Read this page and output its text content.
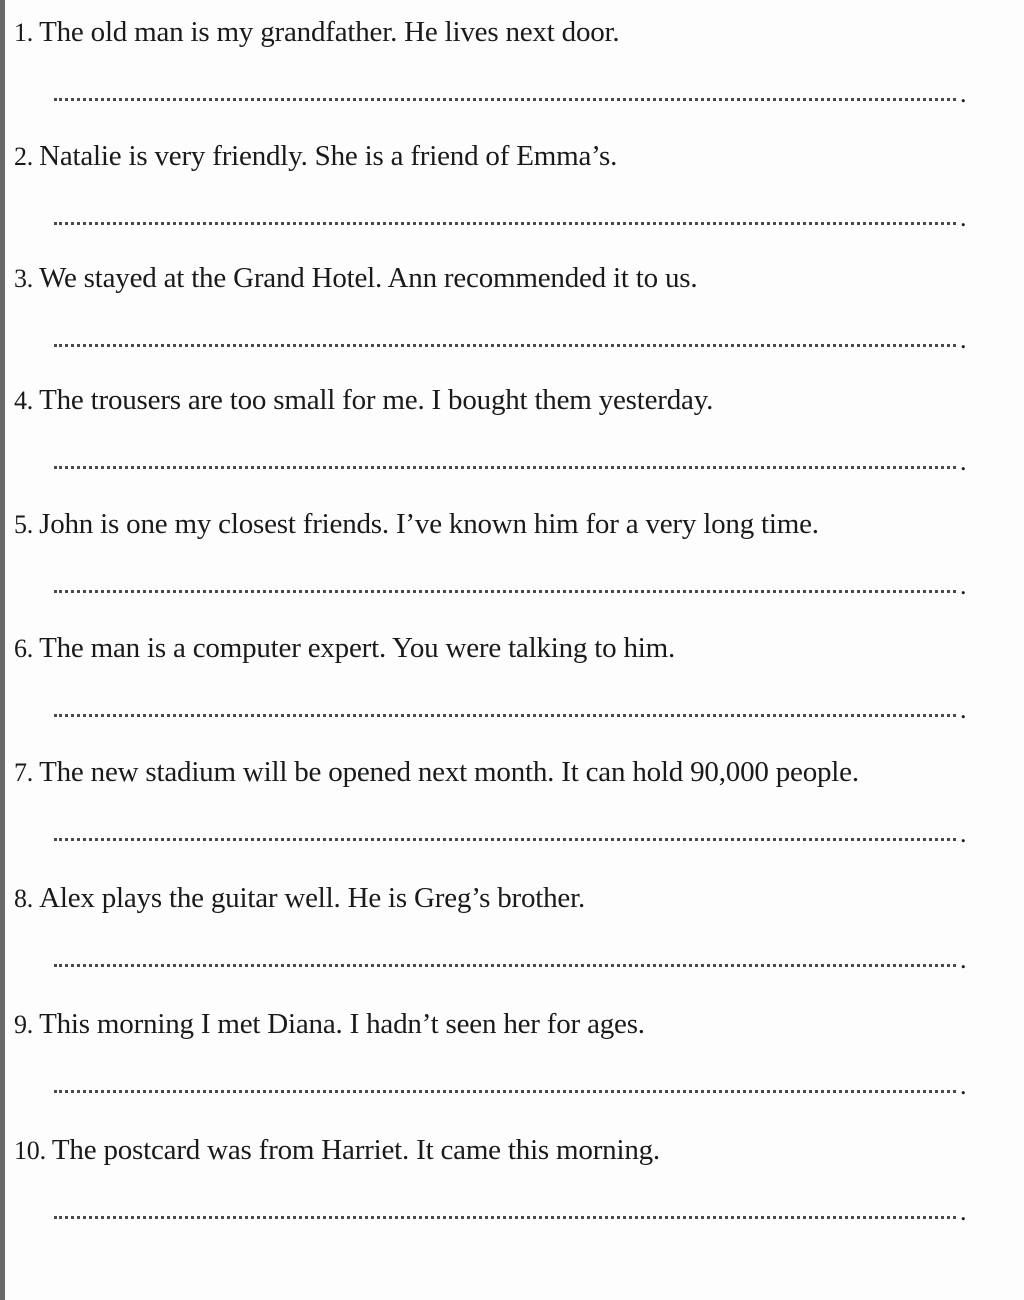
1. The old man is my grandfather. He lives next door.
.
2. Natalie is very friendly. She is a friend of Emma’s.
.
3. We stayed at the Grand Hotel. Ann recommended it to us.
.
4. The trousers are too small for me. I bought them yesterday.
.
5. John is one my closest friends. I’ve known him for a very long time.
.
6. The man is a computer expert. You were talking to him.
.
7. The new stadium will be opened next month. It can hold 90,000 people.
.
8. Alex plays the guitar well. He is Greg’s brother.
.
9. This morning I met Diana. I hadn’t seen her for ages.
.
10. The postcard was from Harriet. It came this morning.
.
